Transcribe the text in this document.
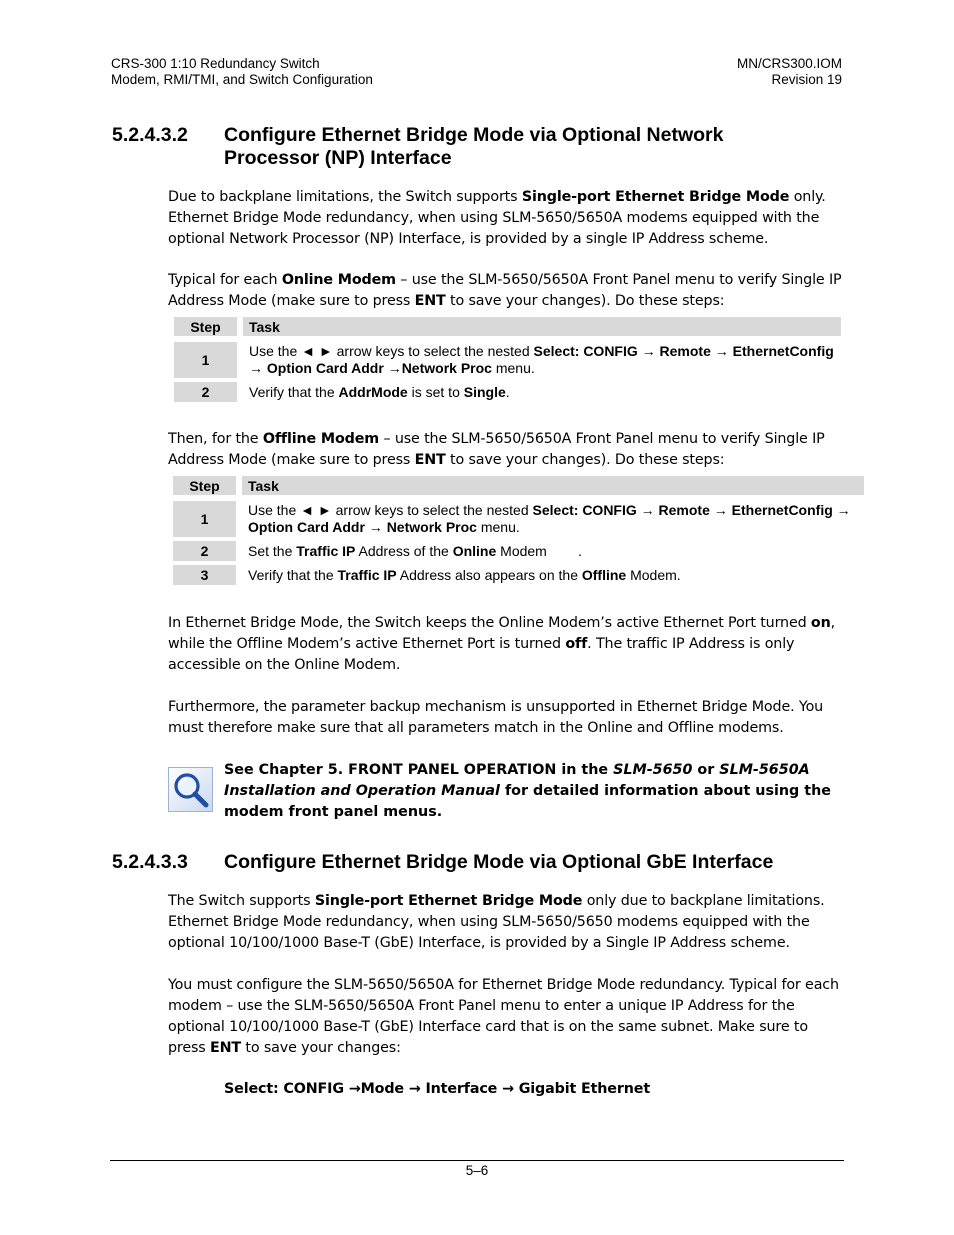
CRS-300 1:10 Redundancy Switch
Modem, RMI/TMI, and Switch Configuration
MN/CRS300.IOM
Revision 19
5.2.4.3.2 Configure Ethernet Bridge Mode via Optional Network Processor (NP) Interface
Due to backplane limitations, the Switch supports Single-port Ethernet Bridge Mode only. Ethernet Bridge Mode redundancy, when using SLM-5650/5650A modems equipped with the optional Network Processor (NP) Interface, is provided by a single IP Address scheme.
Typical for each Online Modem – use the SLM-5650/5650A Front Panel menu to verify Single IP Address Mode (make sure to press ENT to save your changes). Do these steps:
Step		Task

1		Use the ◄ ► arrow keys to select the nested Select: CONFIG → Remote → EthernetConfig → Option Card Addr →Network Proc menu.

2		Verify that the AddrMode is set to Single.
Then, for the Offline Modem – use the SLM-5650/5650A Front Panel menu to verify Single IP Address Mode (make sure to press ENT to save your changes). Do these steps:
Step		Task

1		Use the ◄ ► arrow keys to select the nested Select: CONFIG → Remote → EthernetConfig → Option Card Addr → Network Proc menu.

2		Set the Traffic IP Address of the Online Modem        .

3		Verify that the Traffic IP Address also appears on the Offline Modem.
In Ethernet Bridge Mode, the Switch keeps the Online Modem’s active Ethernet Port turned on, while the Offline Modem’s active Ethernet Port is turned off. The traffic IP Address is only accessible on the Online Modem.
Furthermore, the parameter backup mechanism is unsupported in Ethernet Bridge Mode. You must therefore make sure that all parameters match in the Online and Offline modems.
See Chapter 5. FRONT PANEL OPERATION in the SLM-5650 or SLM-5650A Installation and Operation Manual for detailed information about using the modem front panel menus.
5.2.4.3.3 Configure Ethernet Bridge Mode via Optional GbE Interface
The Switch supports Single-port Ethernet Bridge Mode only due to backplane limitations. Ethernet Bridge Mode redundancy, when using SLM-5650/5650 modems equipped with the optional 10/100/1000 Base-T (GbE) Interface, is provided by a Single IP Address scheme.
You must configure the SLM-5650/5650A for Ethernet Bridge Mode redundancy. Typical for each modem – use the SLM-5650/5650A Front Panel menu to enter a unique IP Address for the optional 10/100/1000 Base-T (GbE) Interface card that is on the same subnet. Make sure to press ENT to save your changes:
Select: CONFIG →Mode → Interface → Gigabit Ethernet
5–6
